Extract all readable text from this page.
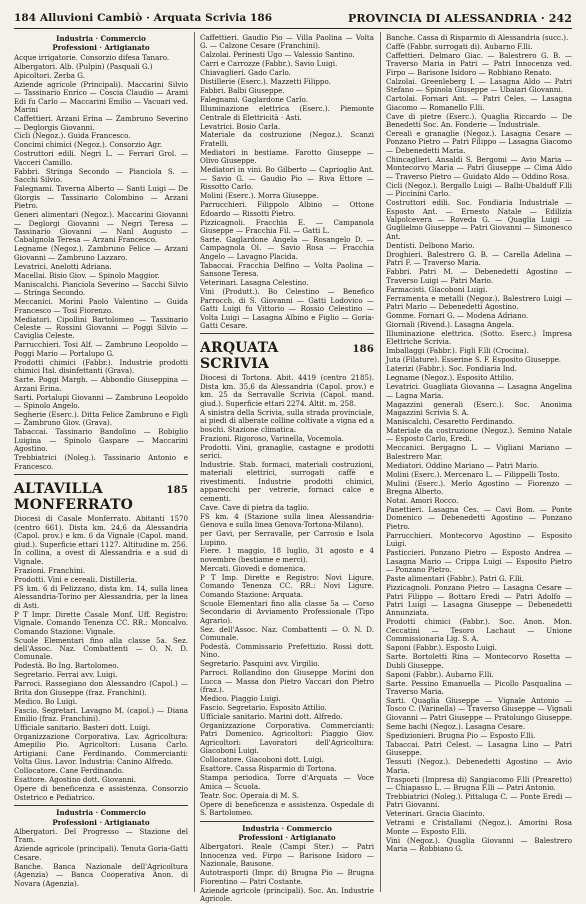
184 Alluvioni Cambiò · Arquata Scrivia 186	PROVINCIA DI ALESSANDRIA · 242
Industria · Commercio
Professioni · Artigianato
Acque irrigatorie. Consorzio difesa Tanaro.
Albergatori. Alb. (Pulpin) (Pasquali G.)
Apicoltori. Zerba G.
Aziende agricole (Principali). Maccarini Silvio — Tassinario Enrico — Coscia Claudio — Arami Edi fu Carlo — Maccarini Emilio — Vacuari ved. Marini
Caffettieri. Arzani Erina — Zambruno Severino — Deglorgis Giovanni.
Cicli (Negoz.). Guida Francesco.
Concimi chimici (Negoz.). Consorzio Agr.
Costruttori edili. Negri L. — Ferrari Grol. — Vacceri Camillo.
Fabbri. Stringa Secondo — Pianciola S. — Sacchi Silvio.
Falegnami. Taverna Alberto — Santi Luigi — De Giorgis — Tassinario Colombino — Arzani Pietro.
Generi alimentari (Negoz.). Maccarini Giovanni — Deglorgi Giovanni — Negri Teresa — Tassinario Giovanni — Nanl Augusto — Cabalgnola Teresa — Arzani Francesco.
Legname (Negoz.). Zambruno Felice — Arzani Giovanni — Zambruno Lazzaro.
Levatrici. Anelotti Adriana.
Macellai. Bisio Giov. — Spinolo Maggior.
Maniscalchi. Pianciola Severino — Sacchi Silvio — Stringa Secondo.
Meccanici. Morini Paolo Valentino — Guida Francesco — Tosi Fiorenzo.
Mediatori. Cipollini Bartolomeo — Tassinario Celeste — Rossini Giovanni — Poggi Silvio — Caviglia Celeste.
Parrucchieri. Tosi Alf. — Zambruno Leopoldo — Poggi Mario — Portalupo G.
Prodotti chimici (Fabbr.). Industrie prodotti chimici Ital. disinfettanti (Grava).
Sarte. Poggi Margh. — Abbondio Giuseppina — Arzani Erina.
Sarti. Portalupi Giovanni — Zambruno Leopoldo — Spinolo Angelo.
Segherie (Eserc.). Ditta Felice Zambruno e Figli — Zambruno Giov. (Grava).
Tabaccai. Tassinario Bandolino — Robiglio Luigina — Spinolo Gaspare — Maccarini Agostino.
Trebbiatrici (Noleg.). Tassinario Antonio e Francesco.
ALTAVILLA MONFERRATO
185
Diocesi di Casale Monferrato. Abitanti 1570 (centro 661). Dista km. 24,6 da Alessandria (Capol. prov.) e km. 6 da Vignale (Capol. mand. giud.). Superficie ettari 1127. Altitudine m. 256.
In collina, a ovest di Alessandria e a sud di Vignale.
Frazioni. Franchini.
Prodotti. Vini e cereali. Distilleria.
FS km. 6 di Felizzano, dista km. 14, sulla linea Alessandria-Torino per Alessandria, per la linea di Asti.
P T Impr. Dirette Casale Monf. Uff. Registro: Vignale. Comando Tenenza CC. RR.: Moncalvo. Comando Stazione: Vignale.
Scuole Elementari fino alla classe 5a. Sez. dell'Assoc. Naz. Combattenti — O. N. D. Comunale.
Podestà. Bo Ing. Bartolomeo.
Segretario. Ferrai avv. Luigi.
Parroci. Rassegiano don Alessandro (Capol.) — Brita don Giuseppe (fraz. Franchini).
Medico. Bo Luigi.
Fascio. Segretari. Lavagno M. (capol.) — Diana Emilio (fraz. Franchini).
Ufficiale sanitario. Basteri dott. Luigi.
Organizzazione Corporativa. Lav. Agricoltura: Amepilio Pio. Agricoltori: Lusana Carlo. Artigiani: Cane Ferdinando. Commercianti: Volta Gius. Lavor. Industria: Canino Alfredo.
Collocatore. Cane Ferdinando.
Esattore. Agostino dott. Giovanni.
Opere di beneficenza e assistenza. Consorzio Ostetrico e Pediatrico.
Industria · Commercio
Professioni · Artigianato
Albergatori. Del Progresso — Stazione del Tram.
Aziende agricole (principali). Tenuta Goria-Gatti Cesare.
Banche. Banca Nazionale dell'Agricoltura (Agenzia) — Banca Cooperativa Anon. di Novara (Agenzia).
Caffettieri. Gaudio Pio — Villa Paolina — Volta G. — Calzone Cesare (Franchini).
Calzolai. Perinesti Ugo — Valessio Santino.
Carri e Carrozze (Fabbr.). Savio Luigi.
Chiavaglieri. Gado Carlo.
Distillerie (Eserc.). Mazzetti Filippo.
Fabbri. Balbi Giuseppe.
Falegnami. Gaglardone Carlo.
Illuminazione elettrica (Eserc.). Piemonte Centrale di Elettricità · Asti.
Levatrici. Bosio Carla.
Materiale da costruzione (Negoz.). Scanzi Fratelli.
Mediatori in bestiame. Farotto Giuseppe — Olivo Giuseppe.
Mediatori in vini. Bo Gilberto — Caprioglio Ant. — Savio G. — Gaudio Pio — Riva Ettore — Rissotto Carlo.
Molini (Eserc.). Morra Giuseppe.
Parrucchieri. Filippolo Albino — Ottone Edoardo — Rissotti Pietro.
Pizzicagnoli. Fracchia E. — Campanola Giuseppe — Fracchia Fil. — Gatti L.
Sarte. Gaglardone Angela — Rosangelo D. — Campagnola Ol. — Savio Rosa — Fracchia Angelo — Lavagno Placida.
Tabaccai. Fracchia Delfino — Volta Paolina — Sansone Teresa.
Veterinari. Lasagna Celestino.
Vini (Produtt.). Bo Celestino — Benefico Parrocch. di S. Giovanni — Gatti Lodovico — Gatti Luigi fu Vittorio — Rossio Celestino — Volta Luigi — Lasagna Albino e Figlio — Goria-Gatti Cesare.
ARQUATA SCRIVIA
186
Diocesi di Tortona. Abit. 4419 (centro 2185). Dista km. 35,6 da Alessandria (Capol. prov.) e km. 25 da Serravalle Scrivia (Capol. mand. giud.). Superficie ettari 2274. Altit. m. 258.
A sinistra della Scrivia, sulla strada provinciale, ai piedi di alberate colline coltivate a vigna ed a boschi. Stazione climatica.
Frazioni. Rigoroso, Varinella, Vocemola.
Prodotti. Vini, granaglie, castagne e prodotti serici.
Industrie. Stab. formaci, materiali costruzioni, materiali elettrici, surrogati caffè e rivestimenti. Industrie prodotti chimici, apparecchi per vetrerie, fornaci calce e cementi.
Cave. Cave di pietra da taglio.
FS km. 4 (Stazione sulla linea Alessandria-Genova e sulla linea Genova-Tortona-Milano).
per Gavi, per Serravalle, per Carrosio e Isola Lupino.
Fiere. 1 maggio, 18 luglio, 31 agosto e 4 novembre (bestiame e merci).
Mercati. Giovedì e domenica.
P T Imp. Dirette e Registro: Novi Ligure. Comando Tenenza CC. RR.: Novi Ligure. Comando Stazione: Arquata.
Scuole Elementari fino alla classe 5a — Corso Secondario di Avviamento Professionale (Tipo Agrario).
Sez. dell'Assoc. Naz. Combattenti — O. N. D. Comunale.
Podestà. Commissario Prefettizio. Rossi dott. Nino.
Segretario. Pasquini avv. Virgilio.
Parroci. Rollandino don Giuseppe Morini don Lucca — Massa don Pietro Vaccari don Pietro (fraz.).
Medico. Piaggio Luigi.
Fascio. Segretario. Esposito Attilio.
Ufficiale sanitario. Marini dott. Alfredo.
Organizzazione Corporativa. Commercianti: Patri Domenico. Agricoltori: Piaggio Giov. Agricoltori: Lavoratori dell'Agricoltura: Giacoboni Luigi.
Collocatore. Giacoboni dott. Luigi.
Esattore. Cassa Risparmio di Tortona.
Stampa periodica. Torre d'Arquata — Voce Amica — Scuola.
Teatr. Soc. Operaia di M. S.
Opere di beneficenza e assistenza. Ospedale di S. Bartolomeo.
Industria · Commercio
Professioni · Artigianato
Albergatori. Reale (Campi Ster.) — Patri Innocenza ved. Firpo — Barisone Isidoro — Nazionale, Bausone.
Autotrasporti (Impr. di) Brugna Pio — Brugna Fiorentino — Patri Costante.
Aziende agricole (principali). Soc. An. Industrie Agricole.
Banche. Cassa di Risparmio di Alessandria (succ.).
Caffè (Fabbr. surrogati di). Aubarno F.lli.
Caffettieri. Delmaro Giac. — Balestrero G. B. — Traverso Maria in Patri — Patri Innocenza ved. Firpo — Barisone Isidoro — Robbiano Renato.
Calzolai. Greenleberg I. — Lasagna Aldo — Patri Stefano — Spinola Giuseppe — Ubaiari Giovanni.
Cartolai. Fornari Ant. — Patri Celes. — Lasagna Giacomo — Romanello F.lli.
Cave di pietre (Eserc.). Quaglia Riccardo — De Benedetti Soc. An. Fonderie — Industriale.
Cereali e granaglie (Negoz.). Lasagna Cesare — Ponzano Pietro — Patri Filippo — Lasagna Giacomo — Debenedetti Maria.
Chincaglieri. Ansaldi S. Bergomi — Avio Maria — Montecorvo Maria — Patri Giuseppe — Cima Aldo — Traverso Pietro — Guidato Aldo — Oddino Rosa.
Cicli (Negoz.). Bergallo Luigi — Balbi-Ubalduff F.lli — Piccinini Carlo.
Costruttori edili. Soc. Fondiaria Industriale — Esposto Ant. — Ernesto Natale — Edilizia Valpolcevera — Roveda G. — Quaglia Luigi — Guglielmo Giuseppe — Patri Giovanni — Simonesco Ant.
Dentisti. Delbono Mario.
Droghieri. Balestrero G. B. — Carella Adelina — Patri F. — Traverso Maria.
Fabbri. Patri M. — Debenedetti Agostino — Traverso Luigi — Patri Mario.
Farmacisti. Giacoboni Luigi.
Ferramenta e metalli (Negoz.). Balestrero Luigi — Patri Mario — Debenedetti Agostino.
Gomme. Fornari G. — Modena Adriano.
Giornali (Rivend.). Lasagna Angela.
Illuminazione elettrica. (Sotto. Eserc.) Impresa Elettriche Scrivia.
Imballaggi (Fabbr.). Figli F.lli (Crocina).
Juta (Filature). Esserine S. F. Esposito Giuseppe.
Laterizi (Fabbr.). Soc. Fondiaria Ind.
Legname (Negoz.). Esposito Attilio.
Levatrici. Guagliata Giovanna — Lasagna Angelina — Lagna Maria.
Magazzini generali (Eserc.). Soc. Anonima Magazzini Scrivia S. A.
Maniscalchi. Cesaretto Ferdinando.
Materiale da costruzione (Negoz.). Semino Natale — Esposto Carlo, Eredi.
Meccanici. Bergagno L. — Vigliani Mariano — Balestrero Mar.
Mediatori. Oddino Mariano — Patri Mario.
Molini (Eserc.). Mercenaro L. — Filippelli Tosto.
Mulini (Eserc.). Merlo Agostino — Fiorenzo — Bregna Alberto.
Notai. Amori Rocco.
Panettieri. Lasagna Ces. — Cavi Bom. — Ponte Domenico — Debenedetti Agostino — Ponzano Pietro.
Parrucchieri. Montecorvo Agostino — Esposito Luigi.
Pasticcieri. Ponzano Pietro — Esposto Andrea — Lasagna Mario — Crippa Luigi — Esposito Pietro — Ponzano Pietro.
Paste alimentari (Fabbr.). Patri G. F.lli.
Pizzicagnoli. Ponzano Pietro — Lasagna Cesare — Patri Filippo — Bottaro Eredi — Patri Adolfo — Patri Luigi — Lasagna Giuseppe — Debenedetti Annunziata.
Prodotti chimici (Fabbr.). Soc. Anon. Mon. Ceccatini — Tesoro Lachaut — Unione Commissionaria Lig. S. A.
Saponi (Fabbr.). Esposto Luigi.
Sarte. Bortoletti Rina — Montecorvo Rosetta — Dubli Giuseppe.
Saponi (Fabbr.). Aubarno F.lli.
Sarte. Pessino Emanuella — Picollo Pasqualina — Traverso Maria.
Sarti. Quaglia Giuseppe — Vignale Antonio — Tosco C. (Varinella) — Traverso Giuseppe — Vignali Giovanni — Patri Giuseppe — Pratolungo Giuseppe.
Seme bachi (Negoz.). Lasagna Cesare.
Spedizionieri. Brugna Pio — Esposto F.lli.
Tabaccai. Patri Celest. — Lasagna Lino — Patri Giuseppe.
Tessuti (Negoz.). Debenedetti Agostino — Avio Maria.
Trasporti (Impresa di) Sangiacomo F.lli (Prearetto) — Chiapasso L. — Brugna F.lli — Patri Antonio.
Trebbiatrici (Noleg.). Pittaluga C. — Ponte Eredi — Patri Giovanni.
Veterinari. Gracia Giacinto.
Vetrami e Cristallami (Negoz.). Amorini Rosa Monte — Esposto F.lli.
Vini (Negoz.). Quaglia Giovanni — Balestrero Maria — Robbiano G.
